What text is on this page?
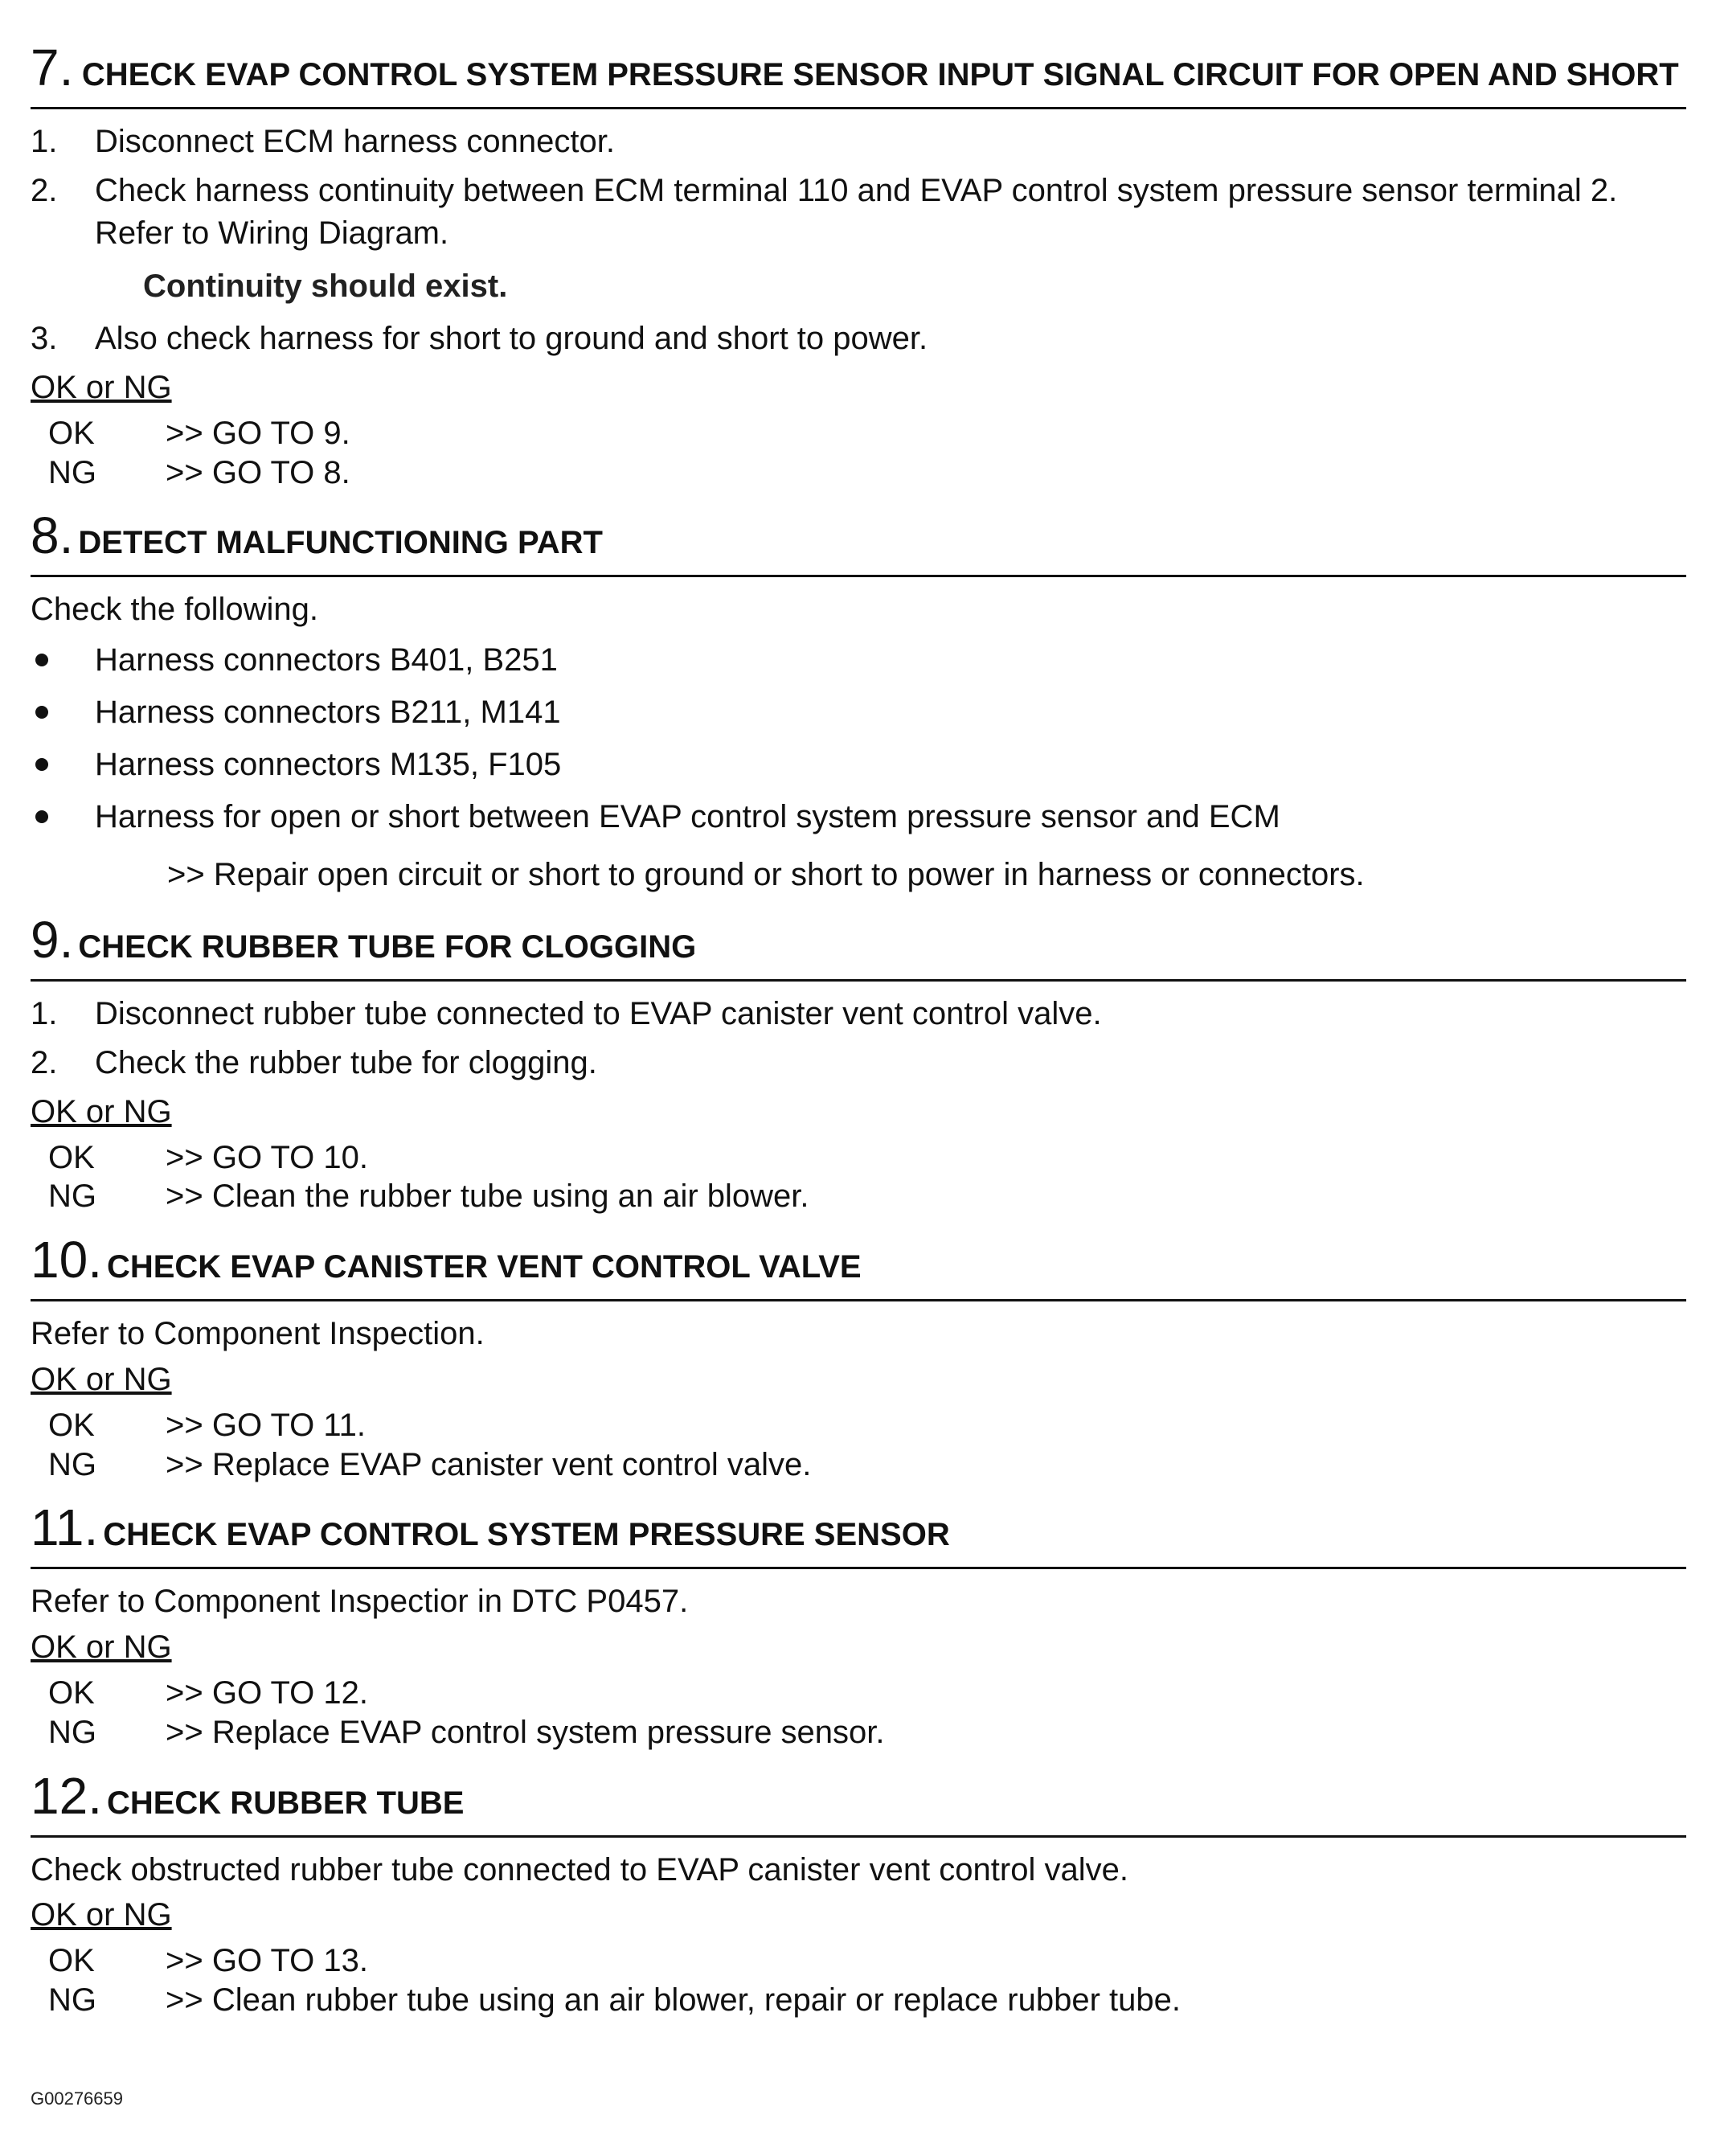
7. CHECK EVAP CONTROL SYSTEM PRESSURE SENSOR INPUT SIGNAL CIRCUIT FOR OPEN AND SHORT
1.	Disconnect ECM harness connector.
2.	Check harness continuity between ECM terminal 110 and EVAP control system pressure sensor terminal 2.
Refer to Wiring Diagram.
Continuity should exist.
3.	Also check harness for short to ground and short to power.
OK or NG
OK	>> GO TO 9.
NG	>> GO TO 8.
8. DETECT MALFUNCTIONING PART
Check the following.
Harness connectors B401, B251
Harness connectors B211, M141
Harness connectors M135, F105
Harness for open or short between EVAP control system pressure sensor and ECM
>> Repair open circuit or short to ground or short to power in harness or connectors.
9. CHECK RUBBER TUBE FOR CLOGGING
1.	Disconnect rubber tube connected to EVAP canister vent control valve.
2.	Check the rubber tube for clogging.
OK or NG
OK	>> GO TO 10.
NG	>> Clean the rubber tube using an air blower.
10. CHECK EVAP CANISTER VENT CONTROL VALVE
Refer to Component Inspection.
OK or NG
OK	>> GO TO 11.
NG	>> Replace EVAP canister vent control valve.
11. CHECK EVAP CONTROL SYSTEM PRESSURE SENSOR
Refer to Component Inspectior in DTC P0457.
OK or NG
OK	>> GO TO 12.
NG	>> Replace EVAP control system pressure sensor.
12. CHECK RUBBER TUBE
Check obstructed rubber tube connected to EVAP canister vent control valve.
OK or NG
OK	>> GO TO 13.
NG	>> Clean rubber tube using an air blower, repair or replace rubber tube.
G00276659
